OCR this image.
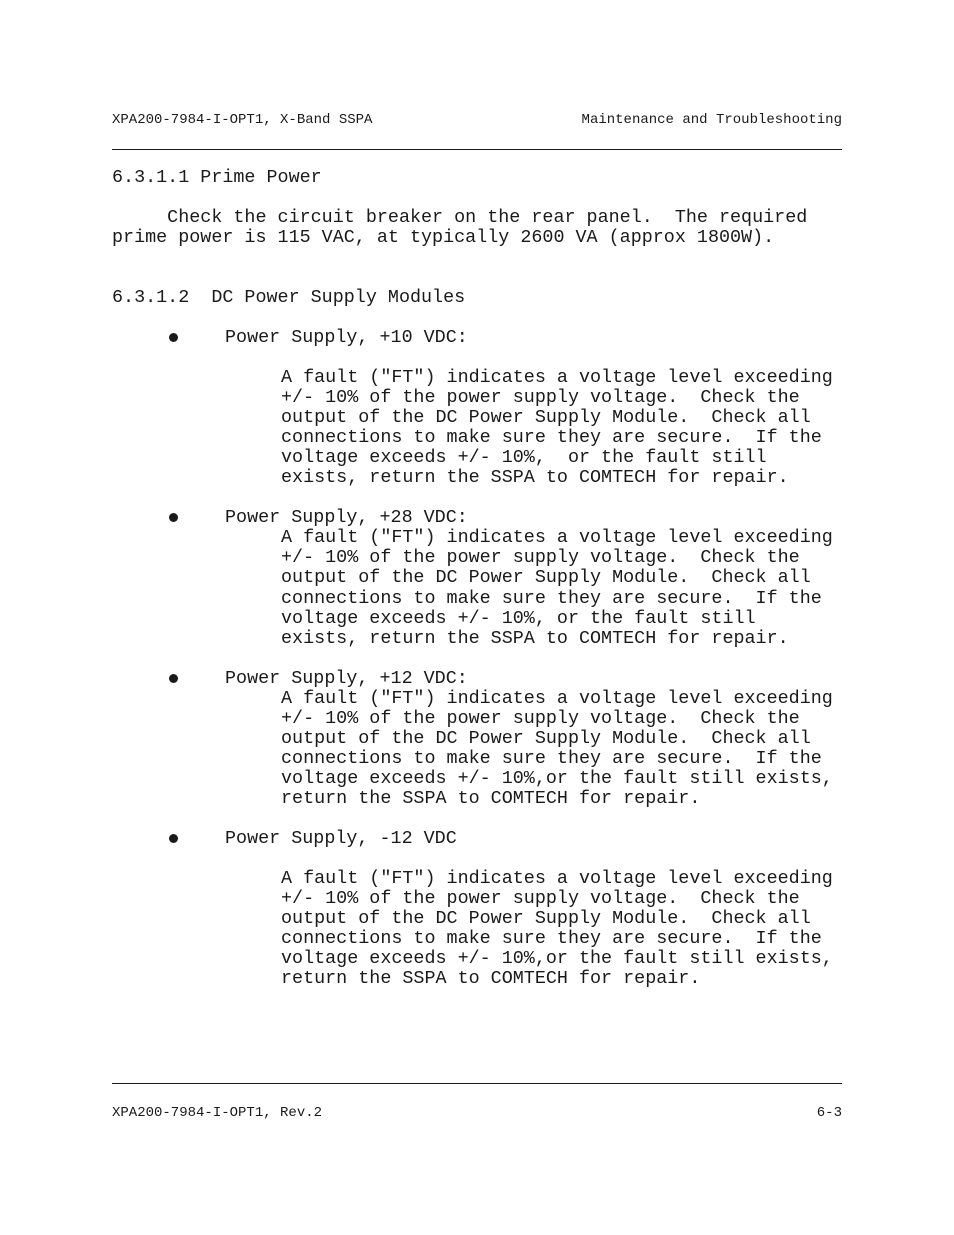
XPA200-7984-I-OPT1, X-Band SSPA	Maintenance and Troubleshooting
6.3.1.1 Prime Power
Check the circuit breaker on the rear panel.  The required
prime power is 115 VAC, at typically 2600 VA (approx 1800W).
6.3.1.2  DC Power Supply Modules
Power Supply, +10 VDC:
A fault ("FT") indicates a voltage level exceeding
+/- 10% of the power supply voltage.  Check the
output of the DC Power Supply Module.  Check all
connections to make sure they are secure.  If the
voltage exceeds +/- 10%,  or the fault still
exists, return the SSPA to COMTECH for repair.
Power Supply, +28 VDC:
A fault ("FT") indicates a voltage level exceeding
+/- 10% of the power supply voltage.  Check the
output of the DC Power Supply Module.  Check all
connections to make sure they are secure.  If the
voltage exceeds +/- 10%, or the fault still
exists, return the SSPA to COMTECH for repair.
Power Supply, +12 VDC:
A fault ("FT") indicates a voltage level exceeding
+/- 10% of the power supply voltage.  Check the
output of the DC Power Supply Module.  Check all
connections to make sure they are secure.  If the
voltage exceeds +/- 10%,or the fault still exists,
return the SSPA to COMTECH for repair.
Power Supply, -12 VDC
A fault ("FT") indicates a voltage level exceeding
+/- 10% of the power supply voltage.  Check the
output of the DC Power Supply Module.  Check all
connections to make sure they are secure.  If the
voltage exceeds +/- 10%,or the fault still exists,
return the SSPA to COMTECH for repair.
XPA200-7984-I-OPT1, Rev.2	6-3
